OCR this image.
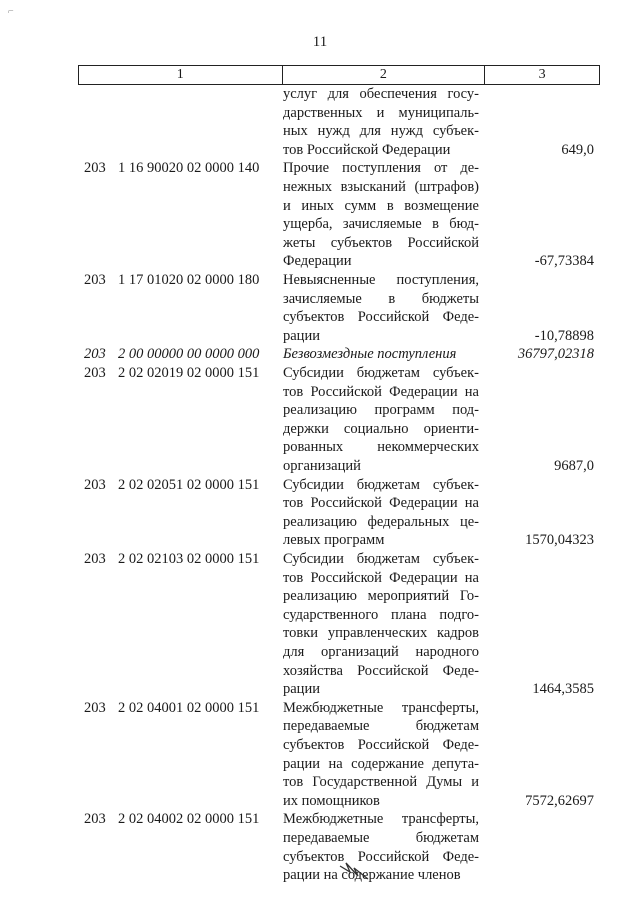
11
1	2	3
услуг для обеспечения госу-
дарственных и муниципаль-
ных нужд для нужд субъек-
тов Российской Федерации	649,0
203 1 16 90020 02 0000 140 Прочие поступления от де-
нежных взысканий (штрафов)
и иных сумм в возмещение
ущерба, зачисляемые в бюд-
жеты субъектов Российской
Федерации	-67,73384
203 1 17 01020 02 0000 180 Невыясненные поступления,
зачисляемые в бюджеты
субъектов Российской Феде-
рации	-10,78898
203 2 00 00000 00 0000 000 Безвозмездные поступления	36797,02318
203 2 02 02019 02 0000 151 Субсидии бюджетам субъек-
тов Российской Федерации на
реализацию программ под-
держки социально ориенти-
рованных некоммерческих
организаций	9687,0
203 2 02 02051 02 0000 151 Субсидии бюджетам субъек-
тов Российской Федерации на
реализацию федеральных це-
левых программ	1570,04323
203 2 02 02103 02 0000 151 Субсидии бюджетам субъек-
тов Российской Федерации на
реализацию мероприятий Го-
сударственного плана подго-
товки управленческих кадров
для организаций народного
хозяйства Российской Феде-
рации	1464,3585
203 2 02 04001 02 0000 151 Межбюджетные трансферты,
передаваемые бюджетам
субъектов Российской Феде-
рации на содержание депута-
тов Государственной Думы и
их помощников	7572,62697
203 2 02 04002 02 0000 151 Межбюджетные трансферты,
передаваемые бюджетам
субъектов Российской Феде-
рации на содержание членов
⌐
